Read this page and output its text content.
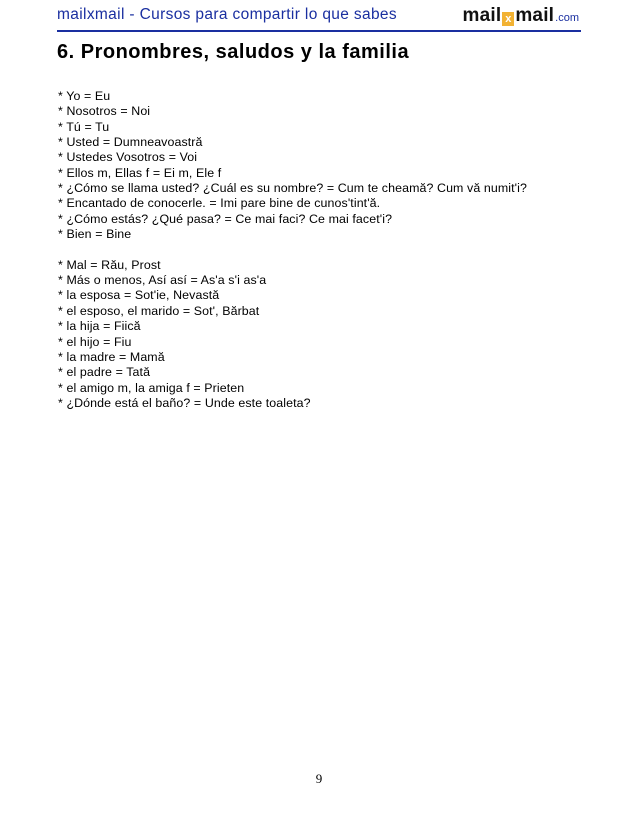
mailxmail - Cursos para compartir lo que sabes	mail x mail .com
6. Pronombres, saludos y la familia
* Yo = Eu
* Nosotros = Noi
* Tú = Tu
* Usted = Dumneavoastră
* Ustedes Vosotros = Voi
* Ellos m, Ellas f = Ei m, Ele f
* ¿Cómo se llama usted? ¿Cuál es su nombre? = Cum te cheamă? Cum vă numit'i?
* Encantado de conocerle. = Imi pare bine de cunos'tint'ă.
* ¿Cómo estás? ¿Qué pasa? = Ce mai faci? Ce mai facet'i?
* Bien = Bine
* Mal = Rău, Prost
* Más o menos, Así así = As'a s'i as'a
* la esposa = Sot'ie, Nevastă
* el esposo, el marido = Sot', Bărbat
* la hija = Fiică
* el hijo = Fiu
* la madre = Mamă
* el padre = Tată
* el amigo m, la amiga f = Prieten
* ¿Dónde está el baño? = Unde este toaleta?
9
